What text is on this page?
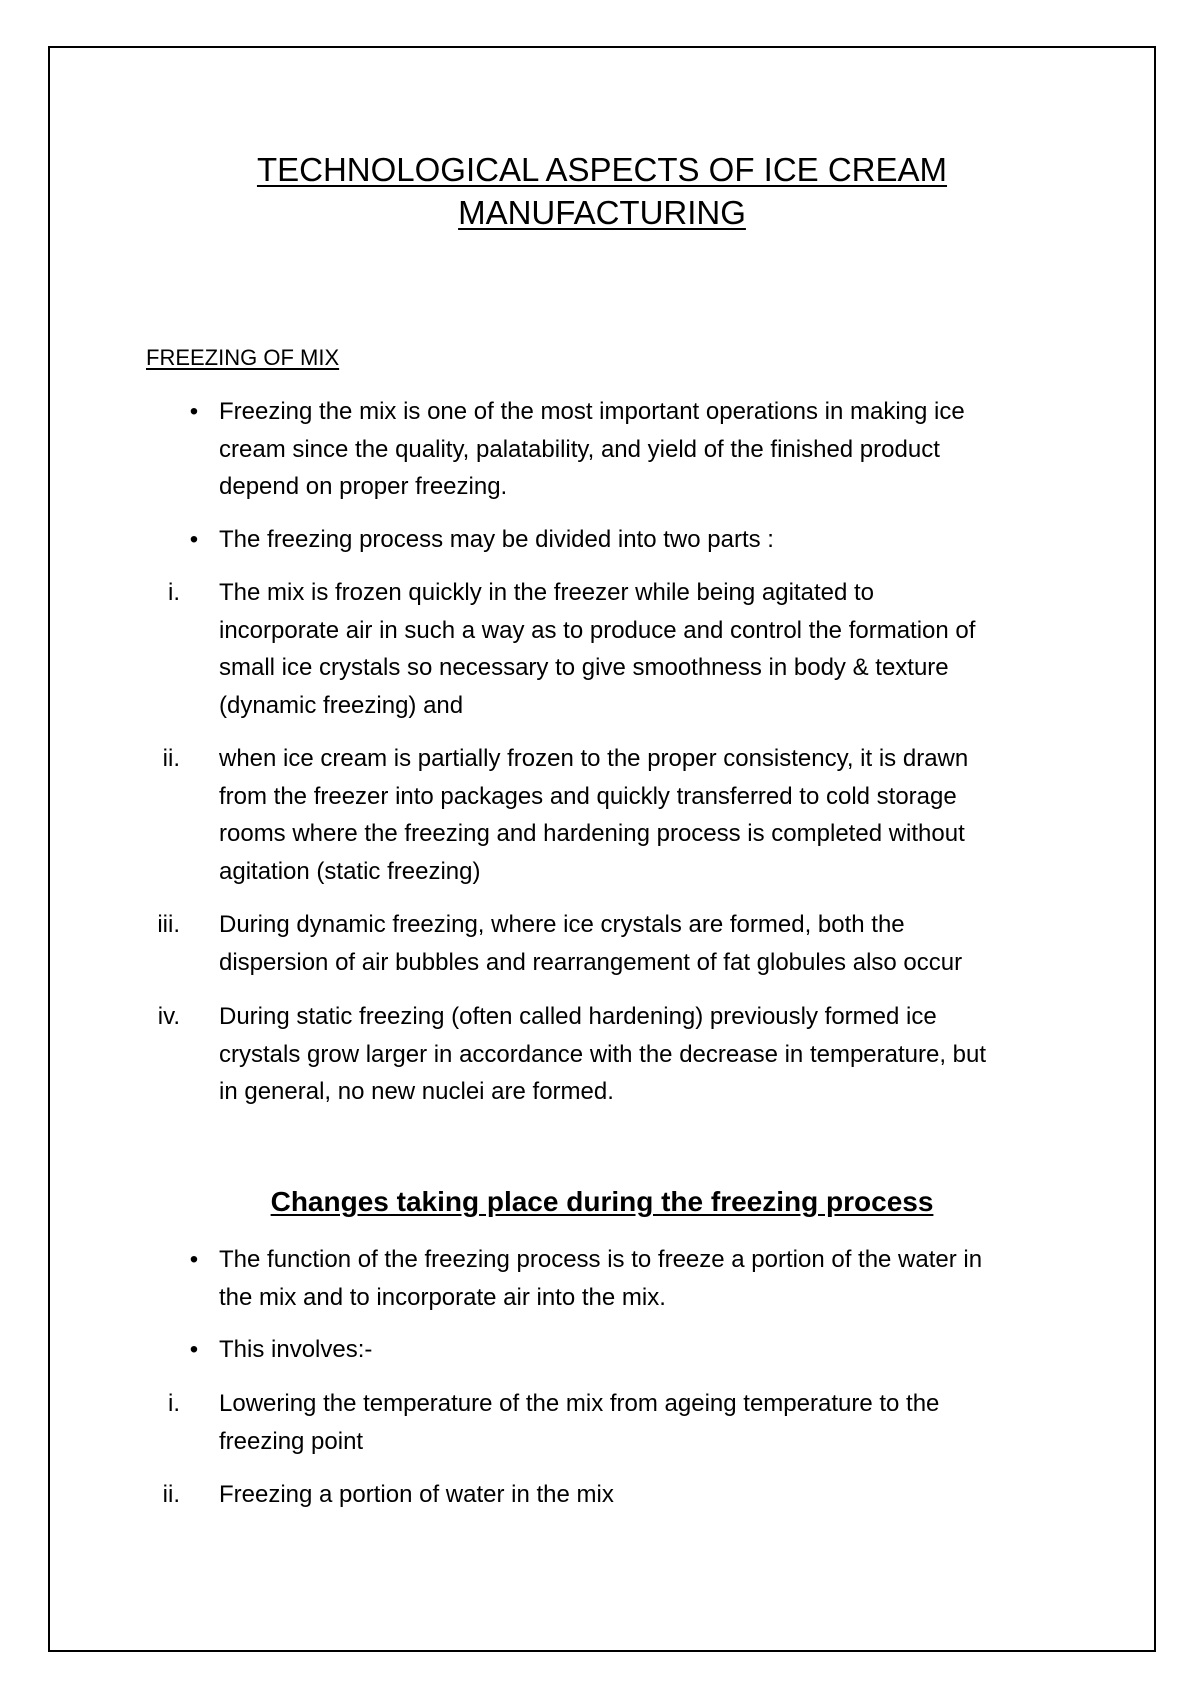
TECHNOLOGICAL ASPECTS OF ICE CREAM
MANUFACTURING
FREEZING OF MIX
• Freezing the mix is one of the most important operations in making ice
cream since the quality, palatability, and yield of the finished product
depend on proper freezing.
• The freezing process may be divided into two parts :
i. The mix is frozen quickly in the freezer while being agitated to
incorporate air in such a way as to produce and control the formation of
small ice crystals so necessary to give smoothness in body & texture
(dynamic freezing) and
ii. when ice cream is partially frozen to the proper consistency, it is drawn
from the freezer into packages and quickly transferred to cold storage
rooms where the freezing and hardening process is completed without
agitation (static freezing)
iii. During dynamic freezing, where ice crystals are formed, both the
dispersion of air bubbles and rearrangement of fat globules also occur
iv. During static freezing (often called hardening) previously formed ice
crystals grow larger in accordance with the decrease in temperature, but
in general, no new nuclei are formed.
Changes taking place during the freezing process
• The function of the freezing process is to freeze a portion of the water in
the mix and to incorporate air into the mix.
• This involves:-
i. Lowering the temperature of the mix from ageing temperature to the
freezing point
ii. Freezing a portion of water in the mix
